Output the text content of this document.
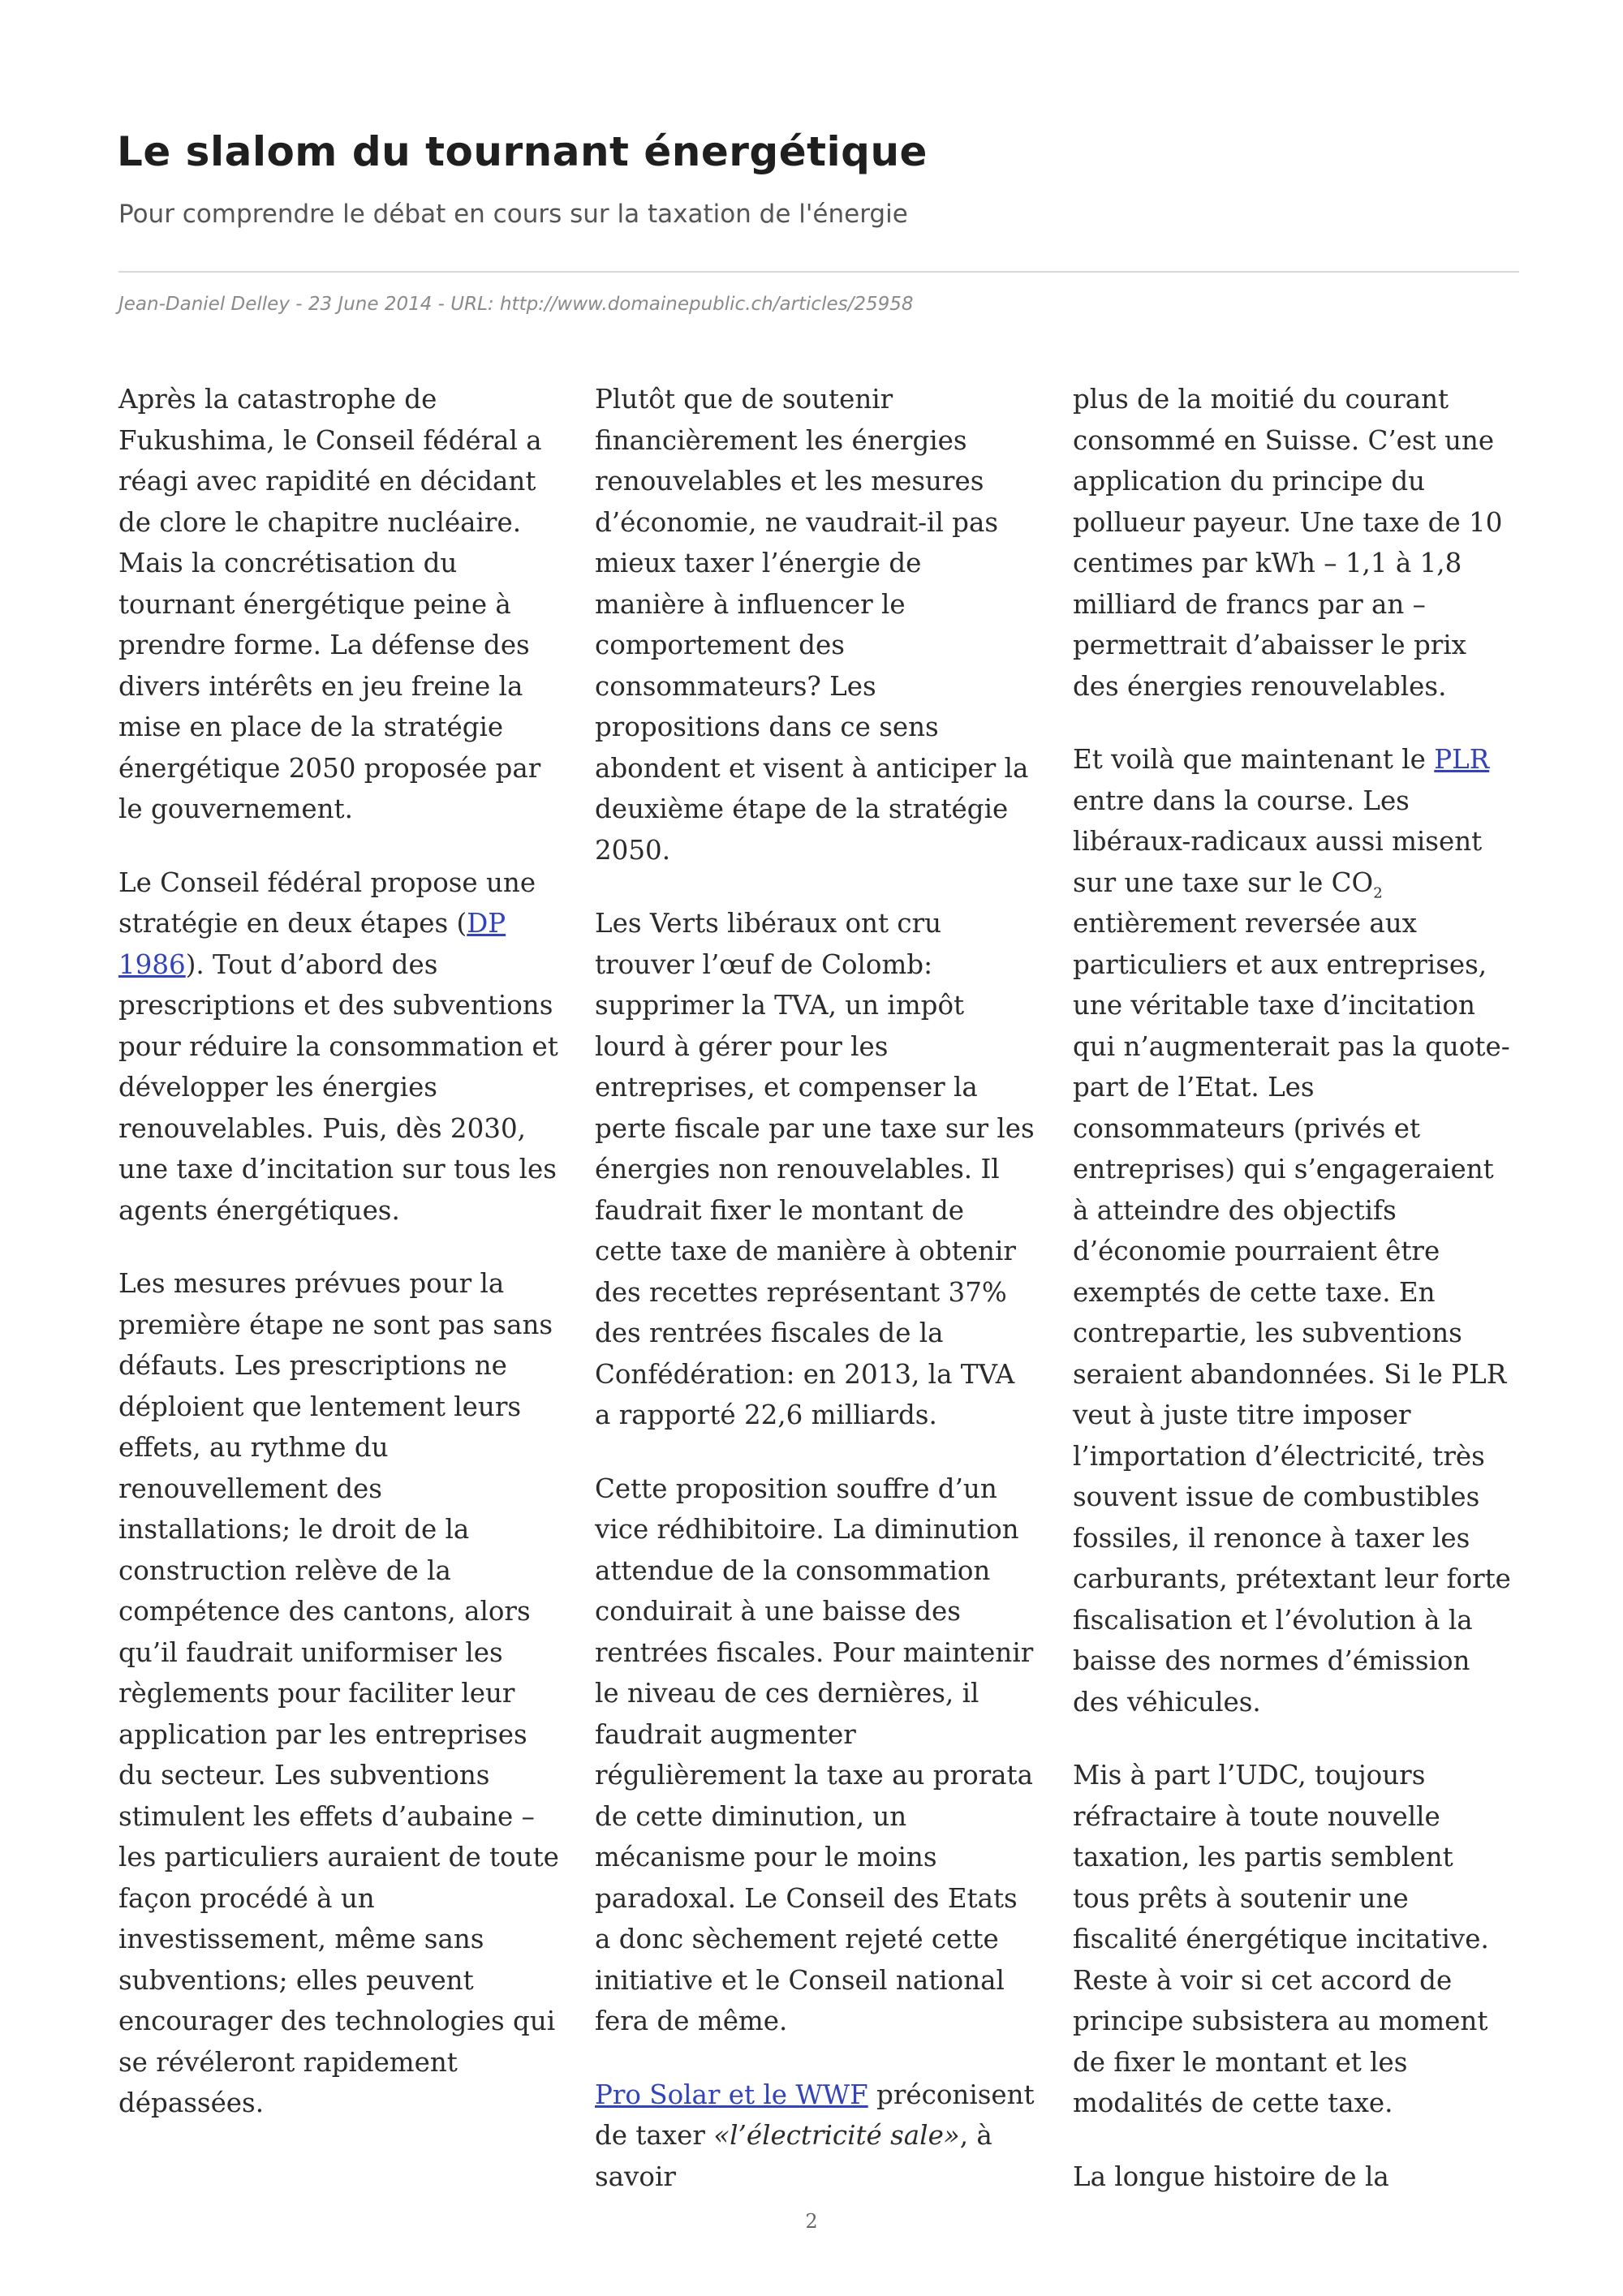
Le slalom du tournant énergétique

Pour comprendre le débat en cours sur la taxation de l'énergie

Jean-Daniel Delley - 23 June 2014 - URL: http://www.domainepublic.ch/articles/25958

Après la catastrophe de Fukushima, le Conseil fédéral a réagi avec rapidité en décidant de clore le chapitre nucléaire. Mais la concrétisation du tournant énergétique peine à prendre forme. La défense des divers intérêts en jeu freine la mise en place de la stratégie énergétique 2050 proposée par le gouvernement.

Le Conseil fédéral propose une stratégie en deux étapes (DP 1986). Tout d’abord des prescriptions et des subventions pour réduire la consommation et développer les énergies renouvelables. Puis, dès 2030, une taxe d’incitation sur tous les agents énergétiques.

Les mesures prévues pour la première étape ne sont pas sans défauts. Les prescriptions ne déploient que lentement leurs effets, au rythme du renouvellement des installations; le droit de la construction relève de la compétence des cantons, alors qu’il faudrait uniformiser les règlements pour faciliter leur application par les entreprises du secteur. Les subventions stimulent les effets d’aubaine – les particuliers auraient de toute façon procédé à un investissement, même sans subventions; elles peuvent encourager des technologies qui se révéleront rapidement dépassées.

Plutôt que de soutenir financièrement les énergies renouvelables et les mesures d’économie, ne vaudrait-il pas mieux taxer l’énergie de manière à influencer le comportement des consommateurs? Les propositions dans ce sens abondent et visent à anticiper la deuxième étape de la stratégie 2050.

Les Verts libéraux ont cru trouver l’œuf de Colomb: supprimer la TVA, un impôt lourd à gérer pour les entreprises, et compenser la perte fiscale par une taxe sur les énergies non renouvelables. Il faudrait fixer le montant de cette taxe de manière à obtenir des recettes représentant 37% des rentrées fiscales de la Confédération: en 2013, la TVA a rapporté 22,6 milliards.

Cette proposition souffre d’un vice rédhibitoire. La diminution attendue de la consommation conduirait à une baisse des rentrées fiscales. Pour maintenir le niveau de ces dernières, il faudrait augmenter régulièrement la taxe au prorata de cette diminution, un mécanisme pour le moins paradoxal. Le Conseil des Etats a donc sèchement rejeté cette initiative et le Conseil national fera de même.

Pro Solar et le WWF préconisent de taxer «l’électricité sale», à savoir

plus de la moitié du courant consommé en Suisse. C’est une application du principe du pollueur payeur. Une taxe de 10 centimes par kWh – 1,1 à 1,8 milliard de francs par an – permettrait d’abaisser le prix des énergies renouvelables.

Et voilà que maintenant le PLR entre dans la course. Les libéraux-radicaux aussi misent sur une taxe sur le $CO_2$ entièrement reversée aux particuliers et aux entreprises, une véritable taxe d’incitation qui n’augmenterait pas la quote-part de l’Etat. Les consommateurs (privés et entreprises) qui s’engageraient à atteindre des objectifs d’économie pourraient être exemptés de cette taxe. En contrepartie, les subventions seraient abandonnées. Si le PLR veut à juste titre imposer l’importation d’électricité, très souvent issue de combustibles fossiles, il renonce à taxer les carburants, prétextant leur forte fiscalisation et l’évolution à la baisse des normes d’émission des véhicules.

Mis à part l’UDC, toujours réfractaire à toute nouvelle taxation, les partis semblent tous prêts à soutenir une fiscalité énergétique incitative. Reste à voir si cet accord de principe subsistera au moment de fixer le montant et les modalités de cette taxe.

La longue histoire de la

2
